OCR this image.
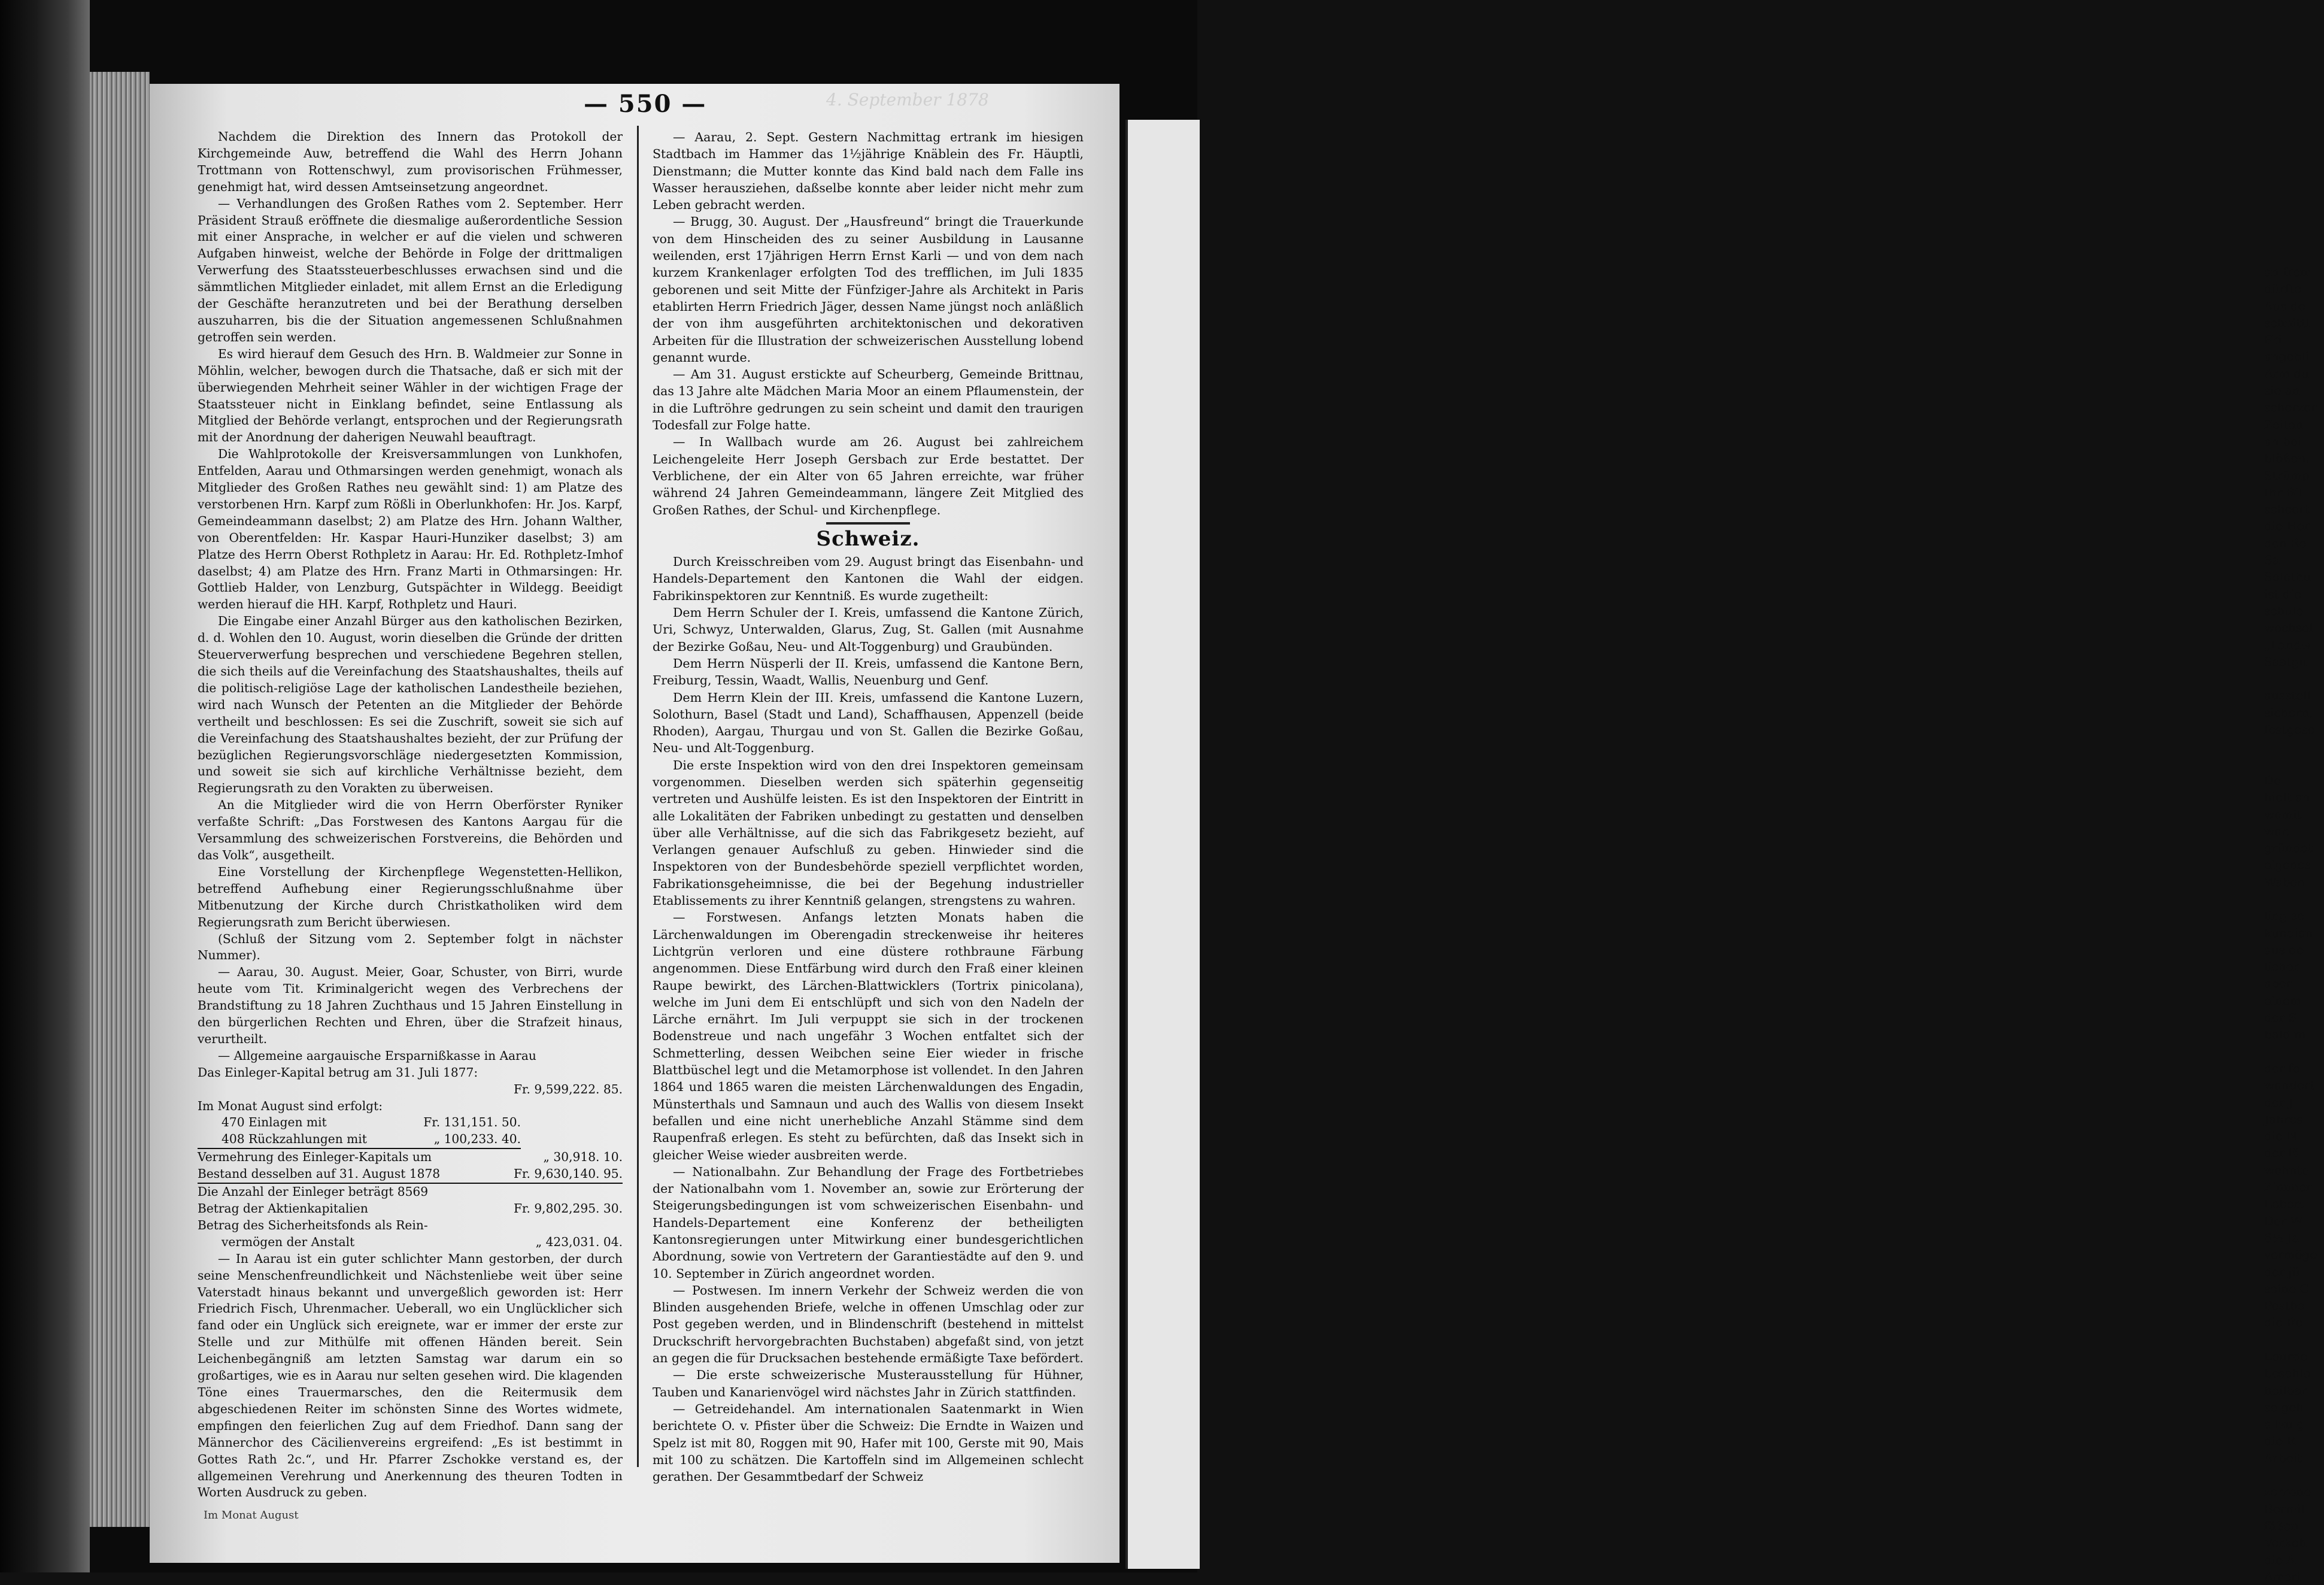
an frem
dürfte
Aus de
schnittl
Fri
angebli
Arm du
sie an
scherzer
Zeiten
an bei
blößen.
Strümp
Ihr Bil
scheert
die Her
den Re
Sa
Solothu
ist die
schule
wechsel
„Landw
Saatgu

ausstell
sichern,
festgese

De
hielt an
womit
war.
gründet
eigenes
Waben

ling so
kundian
aus de
licher
aber
einem
der S
bald m

der fo
wandert
der J
Jahres
die N
der lä
wohnte
Zimmer
Leben.
Der W
6½ Ja
vermöge
der jü
seine C
Postbo
die Re

Lourde
beschlo
heilbar
so geh
allzu g
die R
Arbeit

zerrone
Bermil
fäßen
Verkeh
die A
Ameri
— 550 —	4. September 1878

Nachdem die Direktion des Innern das Protokoll der Kirchgemeinde Auw, betreffend die Wahl des Herrn Johann Trottmann von Rottenschwyl, zum provisorischen Frühmesser, genehmigt hat, wird dessen Amtseinsetzung angeordnet.

— Verhandlungen des Großen Rathes vom 2. September. Herr Präsident Strauß eröffnete die diesmalige außerordentliche Session mit einer Ansprache, in welcher er auf die vielen und schweren Aufgaben hinweist, welche der Behörde in Folge der drittmaligen Verwerfung des Staatssteuerbeschlusses erwachsen sind und die sämmtlichen Mitglieder einladet, mit allem Ernst an die Erledigung der Geschäfte heranzutreten und bei der Berathung derselben auszuharren, bis die der Situation angemessenen Schlußnahmen getroffen sein werden.

Es wird hierauf dem Gesuch des Hrn. B. Waldmeier zur Sonne in Möhlin, welcher, bewogen durch die Thatsache, daß er sich mit der überwiegenden Mehrheit seiner Wähler in der wichtigen Frage der Staatssteuer nicht in Einklang befindet, seine Entlassung als Mitglied der Behörde verlangt, entsprochen und der Regierungsrath mit der Anordnung der daherigen Neuwahl beauftragt.

Die Wahlprotokolle der Kreisversammlungen von Lunkhofen, Entfelden, Aarau und Othmarsingen werden genehmigt, wonach als Mitglieder des Großen Rathes neu gewählt sind: 1) am Platze des verstorbenen Hrn. Karpf zum Rößli in Oberlunkhofen: Hr. Jos. Karpf, Gemeindeammann daselbst; 2) am Platze des Hrn. Johann Walther, von Oberentfelden: Hr. Kaspar Hauri-Hunziker daselbst; 3) am Platze des Herrn Oberst Rothpletz in Aarau: Hr. Ed. Rothpletz-Imhof daselbst; 4) am Platze des Hrn. Franz Marti in Othmarsingen: Hr. Gottlieb Halder, von Lenzburg, Gutspächter in Wildegg. Beeidigt werden hierauf die HH. Karpf, Rothpletz und Hauri.

Die Eingabe einer Anzahl Bürger aus den katholischen Bezirken, d. d. Wohlen den 10. August, worin dieselben die Gründe der dritten Steuerverwerfung besprechen und verschiedene Begehren stellen, die sich theils auf die Vereinfachung des Staatshaushaltes, theils auf die politisch-religiöse Lage der katholischen Landestheile beziehen, wird nach Wunsch der Petenten an die Mitglieder der Behörde vertheilt und beschlossen: Es sei die Zuschrift, soweit sie sich auf die Vereinfachung des Staatshaushaltes bezieht, der zur Prüfung der bezüglichen Regierungsvorschläge niedergesetzten Kommission, und soweit sie sich auf kirchliche Verhältnisse bezieht, dem Regierungsrath zu den Vorakten zu überweisen.

An die Mitglieder wird die von Herrn Oberförster Ryniker verfaßte Schrift: „Das Forstwesen des Kantons Aargau für die Versammlung des schweizerischen Forstvereins, die Behörden und das Volk“, ausgetheilt.

Eine Vorstellung der Kirchenpflege Wegenstetten-Hellikon, betreffend Aufhebung einer Regierungsschlußnahme über Mitbenutzung der Kirche durch Christkatholiken wird dem Regierungsrath zum Bericht überwiesen.

(Schluß der Sitzung vom 2. September folgt in nächster Nummer).

— Aarau, 30. August. Meier, Goar, Schuster, von Birri, wurde heute vom Tit. Kriminalgericht wegen des Verbrechens der Brandstiftung zu 18 Jahren Zuchthaus und 15 Jahren Einstellung in den bürgerlichen Rechten und Ehren, über die Strafzeit hinaus, verurtheilt.

— Allgemeine aargauische Ersparnißkasse in Aarau

Das Einleger-Kapital betrug am 31. Juli 1877:

Fr. 9,599,222. 85.
Im Monat August sind erfolgt:
470 Einlagen mit	Fr. 131,151. 50.
408 Rückzahlungen mit	„ 100,233. 40.
Vermehrung des Einleger-Kapitals um	„ 30,918. 10.
Bestand desselben auf 31. August 1878	Fr. 9,630,140. 95.
Die Anzahl der Einleger beträgt 8569
Betrag der Aktienkapitalien	Fr. 9,802,295. 30.
Betrag des Sicherheitsfonds als Rein-
vermögen der Anstalt	„ 423,031. 04.

— In Aarau ist ein guter schlichter Mann gestorben, der durch seine Menschenfreundlichkeit und Nächstenliebe weit über seine Vaterstadt hinaus bekannt und unvergeßlich geworden ist: Herr Friedrich Fisch, Uhrenmacher. Ueberall, wo ein Unglücklicher sich fand oder ein Unglück sich ereignete, war er immer der erste zur Stelle und zur Mithülfe mit offenen Händen bereit. Sein Leichenbegängniß am letzten Samstag war darum ein so großartiges, wie es in Aarau nur selten gesehen wird. Die klagenden Töne eines Trauermarsches, den die Reitermusik dem abgeschiedenen Reiter im schönsten Sinne des Wortes widmete, empfingen den feierlichen Zug auf dem Friedhof. Dann sang der Männerchor des Cäcilienvereins ergreifend: „Es ist bestimmt in Gottes Rath 2c.“, und Hr. Pfarrer Zschokke verstand es, der allgemeinen Verehrung und Anerkennung des theuren Todten in Worten Ausdruck zu geben.

— Aarau, 2. Sept. Gestern Nachmittag ertrank im hiesigen Stadtbach im Hammer das 1½jährige Knäblein des Fr. Häuptli, Dienstmann; die Mutter konnte das Kind bald nach dem Falle ins Wasser herausziehen, daßselbe konnte aber leider nicht mehr zum Leben gebracht werden.

— Brugg, 30. August. Der „Hausfreund“ bringt die Trauerkunde von dem Hinscheiden des zu seiner Ausbildung in Lausanne weilenden, erst 17jährigen Herrn Ernst Karli — und von dem nach kurzem Krankenlager erfolgten Tod des trefflichen, im Juli 1835 geborenen und seit Mitte der Fünfziger-Jahre als Architekt in Paris etablirten Herrn Friedrich Jäger, dessen Name jüngst noch anläßlich der von ihm ausgeführten architektonischen und dekorativen Arbeiten für die Illustration der schweizerischen Ausstellung lobend genannt wurde.

— Am 31. August erstickte auf Scheurberg, Gemeinde Brittnau, das 13 Jahre alte Mädchen Maria Moor an einem Pflaumenstein, der in die Luftröhre gedrungen zu sein scheint und damit den traurigen Todesfall zur Folge hatte.

— In Wallbach wurde am 26. August bei zahlreichem Leichengeleite Herr Joseph Gersbach zur Erde bestattet. Der Verblichene, der ein Alter von 65 Jahren erreichte, war früher während 24 Jahren Gemeindeammann, längere Zeit Mitglied des Großen Rathes, der Schul- und Kirchenpflege.

Schweiz.

Durch Kreisschreiben vom 29. August bringt das Eisenbahn- und Handels-Departement den Kantonen die Wahl der eidgen. Fabrikinspektoren zur Kenntniß. Es wurde zugetheilt:

Dem Herrn Schuler der I. Kreis, umfassend die Kantone Zürich, Uri, Schwyz, Unterwalden, Glarus, Zug, St. Gallen (mit Ausnahme der Bezirke Goßau, Neu- und Alt-Toggenburg) und Graubünden.

Dem Herrn Nüsperli der II. Kreis, umfassend die Kantone Bern, Freiburg, Tessin, Waadt, Wallis, Neuenburg und Genf.

Dem Herrn Klein der III. Kreis, umfassend die Kantone Luzern, Solothurn, Basel (Stadt und Land), Schaffhausen, Appenzell (beide Rhoden), Aargau, Thurgau und von St. Gallen die Bezirke Goßau, Neu- und Alt-Toggenburg.

Die erste Inspektion wird von den drei Inspektoren gemeinsam vorgenommen. Dieselben werden sich späterhin gegenseitig vertreten und Aushülfe leisten. Es ist den Inspektoren der Eintritt in alle Lokalitäten der Fabriken unbedingt zu gestatten und denselben über alle Verhältnisse, auf die sich das Fabrikgesetz bezieht, auf Verlangen genauer Aufschluß zu geben. Hinwieder sind die Inspektoren von der Bundesbehörde speziell verpflichtet worden, Fabrikationsgeheimnisse, die bei der Begehung industrieller Etablissements zu ihrer Kenntniß gelangen, strengstens zu wahren.

— Forstwesen. Anfangs letzten Monats haben die Lärchenwaldungen im Oberengadin streckenweise ihr heiteres Lichtgrün verloren und eine düstere rothbraune Färbung angenommen. Diese Entfärbung wird durch den Fraß einer kleinen Raupe bewirkt, des Lärchen-Blattwicklers (Tortrix pinicolana), welche im Juni dem Ei entschlüpft und sich von den Nadeln der Lärche ernährt. Im Juli verpuppt sie sich in der trockenen Bodenstreue und nach ungefähr 3 Wochen entfaltet sich der Schmetterling, dessen Weibchen seine Eier wieder in frische Blattbüschel legt und die Metamorphose ist vollendet. In den Jahren 1864 und 1865 waren die meisten Lärchenwaldungen des Engadin, Münsterthals und Samnaun und auch des Wallis von diesem Insekt befallen und eine nicht unerhebliche Anzahl Stämme sind dem Raupenfraß erlegen. Es steht zu befürchten, daß das Insekt sich in gleicher Weise wieder ausbreiten werde.

— Nationalbahn. Zur Behandlung der Frage des Fortbetriebes der Nationalbahn vom 1. November an, sowie zur Erörterung der Steigerungsbedingungen ist vom schweizerischen Eisenbahn- und Handels-Departement eine Konferenz der betheiligten Kantonsregierungen unter Mitwirkung einer bundesgerichtlichen Abordnung, sowie von Vertretern der Garantiestädte auf den 9. und 10. September in Zürich angeordnet worden.

— Postwesen. Im innern Verkehr der Schweiz werden die von Blinden ausgehenden Briefe, welche in offenen Umschlag oder zur Post gegeben werden, und in Blindenschrift (bestehend in mittelst Druckschrift hervorgebrachten Buchstaben) abgefaßt sind, von jetzt an gegen die für Drucksachen bestehende ermäßigte Taxe befördert.

— Die erste schweizerische Musterausstellung für Hühner, Tauben und Kanarienvögel wird nächstes Jahr in Zürich stattfinden.

— Getreidehandel. Am internationalen Saatenmarkt in Wien berichtete O. v. Pfister über die Schweiz: Die Erndte in Waizen und Spelz ist mit 80, Roggen mit 90, Hafer mit 100, Gerste mit 90, Mais mit 100 zu schätzen. Die Kartoffeln sind im Allgemeinen schlecht gerathen. Der Gesammtbedarf der Schweiz

Im Monat August
